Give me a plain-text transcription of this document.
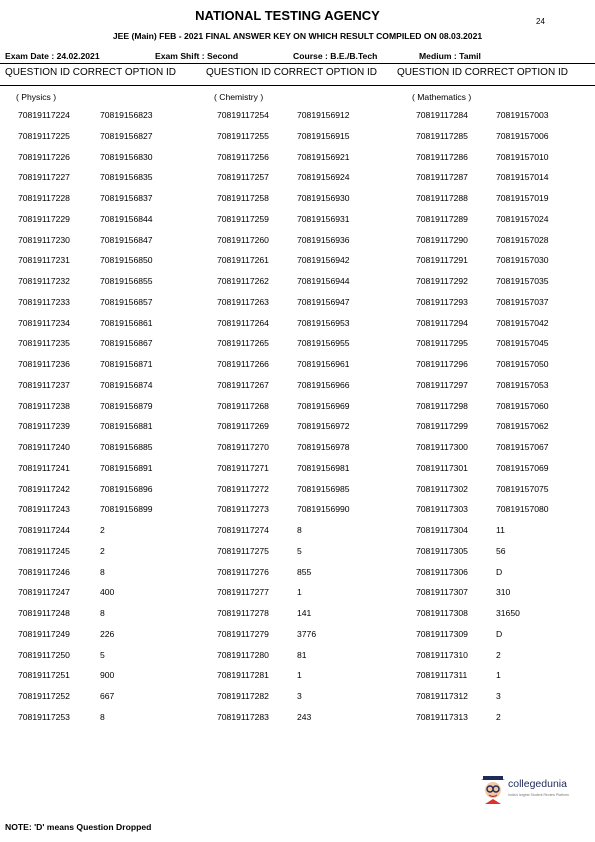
NATIONAL TESTING AGENCY	24
JEE (Main) FEB - 2021 FINAL ANSWER KEY ON WHICH RESULT COMPILED ON 08.03.2021
Exam Date : 24.02.2021	Exam Shift : Second	Course : B.E./B.Tech	Medium : Tamil
QUESTION ID CORRECT OPTION ID	QUESTION ID CORRECT OPTION ID QUESTION ID CORRECT OPTION ID
( Physics )	( Chemistry )	( Mathematics )
70819117224	70819156823
70819117225	70819156827
70819117226	70819156830
70819117227	70819156835
70819117228	70819156837
70819117229	70819156844
70819117230	70819156847
70819117231	70819156850
70819117232	70819156855
70819117233	70819156857
70819117234	70819156861
70819117235	70819156867
70819117236	70819156871
70819117237	70819156874
70819117238	70819156879
70819117239	70819156881
70819117240	70819156885
70819117241	70819156891
70819117242	70819156896
70819117243	70819156899
70819117244	2
70819117245	2
70819117246	8
70819117247	400
70819117248	8
70819117249	226
70819117250	5
70819117251	900
70819117252	667
70819117253	8
70819117254	70819156912
70819117255	70819156915
70819117256	70819156921
70819117257	70819156924
70819117258	70819156930
70819117259	70819156931
70819117260	70819156936
70819117261	70819156942
70819117262	70819156944
70819117263	70819156947
70819117264	70819156953
70819117265	70819156955
70819117266	70819156961
70819117267	70819156966
70819117268	70819156969
70819117269	70819156972
70819117270	70819156978
70819117271	70819156981
70819117272	70819156985
70819117273	70819156990
70819117274	8
70819117275	5
70819117276	855
70819117277	1
70819117278	141
70819117279	3776
70819117280	81
70819117281	1
70819117282	3
70819117283	243
70819117284	70819157003
70819117285	70819157006
70819117286	70819157010
70819117287	70819157014
70819117288	70819157019
70819117289	70819157024
70819117290	70819157028
70819117291	70819157030
70819117292	70819157035
70819117293	70819157037
70819117294	70819157042
70819117295	70819157045
70819117296	70819157050
70819117297	70819157053
70819117298	70819157060
70819117299	70819157062
70819117300	70819157067
70819117301	70819157069
70819117302	70819157075
70819117303	70819157080
70819117304	11
70819117305	56
70819117306	D
70819117307	310
70819117308	31650
70819117309	D
70819117310	2
70819117311	1
70819117312	3
70819117313	2
collegedunia
India's largest Student Review Platform
NOTE: 'D' means Question Dropped
